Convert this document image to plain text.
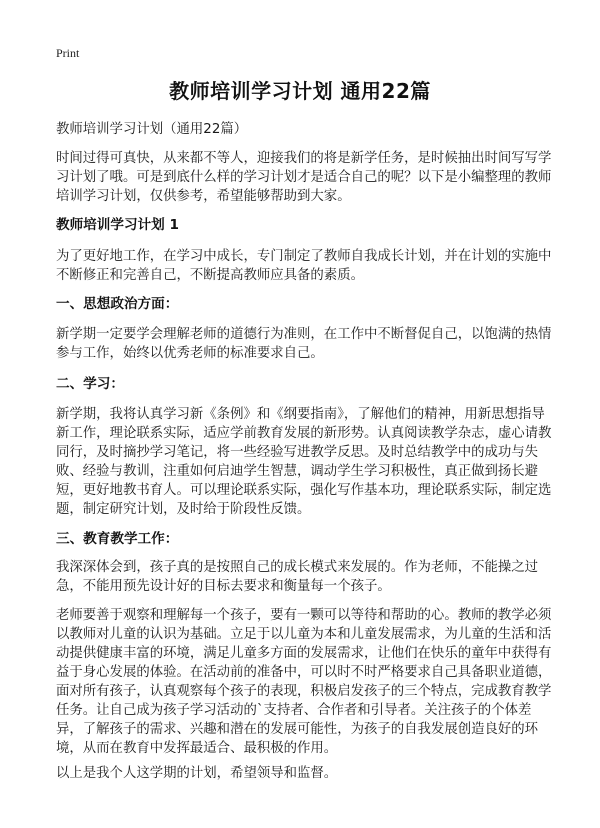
Print
教师培训学习计划 通用22篇

教师培训学习计划（通用22篇）

时间过得可真快，从来都不等人，迎接我们的将是新学任务，是时候抽出时间写写学习计划了哦。可是到底什么样的学习计划才是适合自己的呢？以下是小编整理的教师培训学习计划，仅供参考，希望能够帮助到大家。

教师培训学习计划 1

为了更好地工作，在学习中成长，专门制定了教师自我成长计划，并在计划的实施中不断修正和完善自己，不断提高教师应具备的素质。

一、思想政治方面：

新学期一定要学会理解老师的道德行为准则，在工作中不断督促自己，以饱满的热情参与工作，始终以优秀老师的标准要求自己。

二、学习：

新学期，我将认真学习新《条例》和《纲要指南》，了解他们的精神，用新思想指导新工作，理论联系实际，适应学前教育发展的新形势。认真阅读教学杂志，虚心请教同行，及时摘抄学习笔记，将一些经验写进教学反思。及时总结教学中的成功与失败、经验与教训，注重如何启迪学生智慧，调动学生学习积极性，真正做到扬长避短，更好地教书育人。可以理论联系实际，强化写作基本功，理论联系实际，制定选题，制定研究计划，及时给于阶段性反馈。

三、教育教学工作：

我深深体会到，孩子真的是按照自己的成长模式来发展的。作为老师，不能操之过急，不能用预先设计好的目标去要求和衡量每一个孩子。

老师要善于观察和理解每一个孩子，要有一颗可以等待和帮助的心。教师的教学必须以教师对儿童的认识为基础。立足于以儿童为本和儿童发展需求，为儿童的生活和活动提供健康丰富的环境，满足儿童多方面的发展需求，让他们在快乐的童年中获得有益于身心发展的体验。在活动前的准备中，可以时不时严格要求自己具备职业道德，面对所有孩子，认真观察每个孩子的表现，积极启发孩子的三个特点，完成教育教学任务。让自己成为孩子学习活动的`支持者、合作者和引导者。关注孩子的个体差异，了解孩子的需求、兴趣和潜在的发展可能性，为孩子的自我发展创造良好的环境，从而在教育中发挥最适合、最积极的作用。

以上是我个人这学期的计划，希望领导和监督。
